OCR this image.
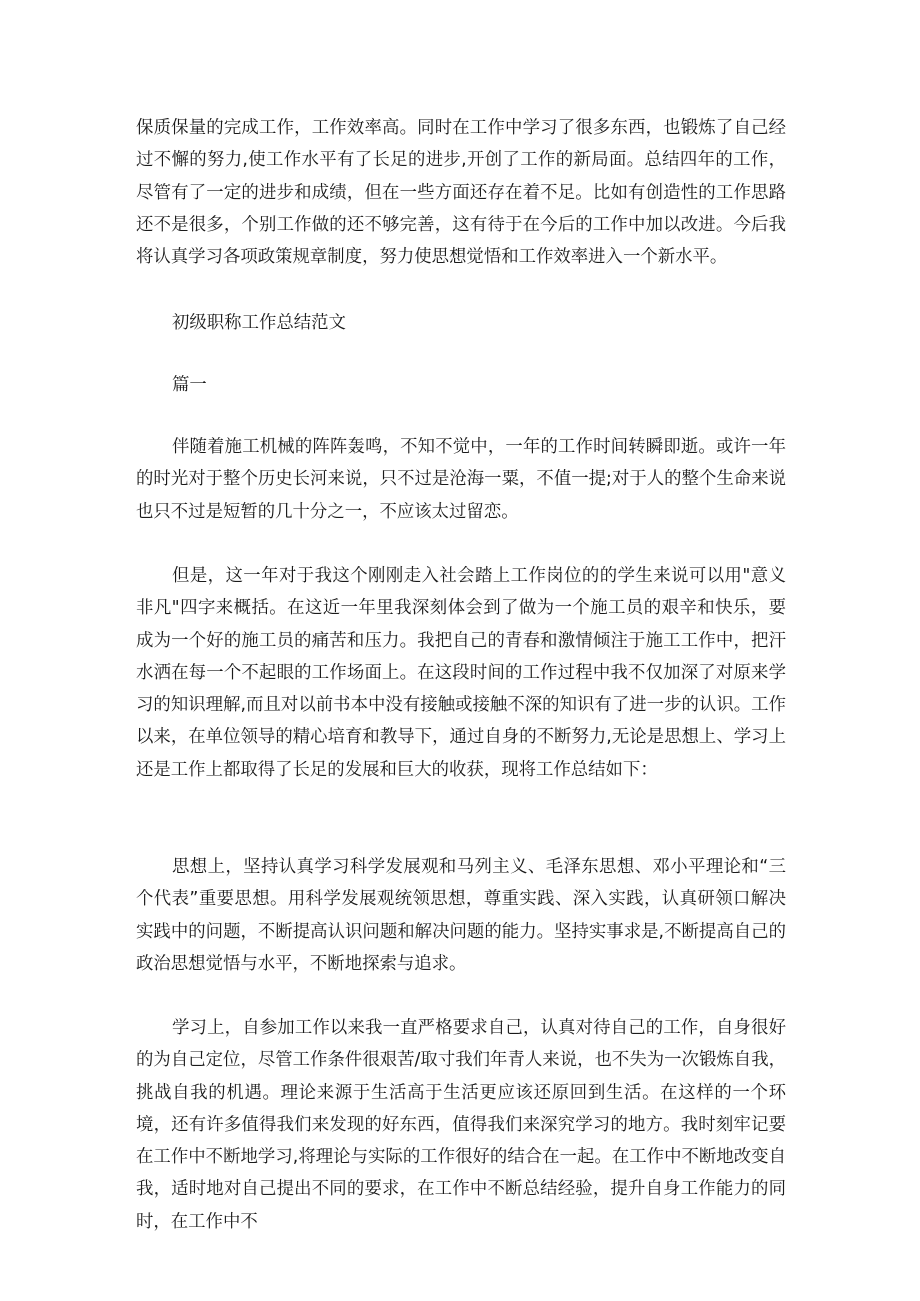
保质保量的完成工作，工作效率高。同时在工作中学习了很多东西，也锻炼了自己经过不懈的努力,使工作水平有了长足的进步,开创了工作的新局面。总结四年的工作，尽管有了一定的进步和成绩，但在一些方面还存在着不足。比如有创造性的工作思路还不是很多，个别工作做的还不够完善，这有待于在今后的工作中加以改进。今后我将认真学习各项政策规章制度，努力使思想觉悟和工作效率进入一个新水平。

初级职称工作总结范文

篇一

伴随着施工机械的阵阵轰鸣，不知不觉中，一年的工作时间转瞬即逝。或许一年的时光对于整个历史长河来说，只不过是沧海一粟，不值一提;对于人的整个生命来说也只不过是短暂的几十分之一，不应该太过留恋。

但是，这一年对于我这个刚刚走入社会踏上工作岗位的的学生来说可以用"意义非凡"四字来概括。在这近一年里我深刻体会到了做为一个施工员的艰辛和快乐，要成为一个好的施工员的痛苦和压力。我把自己的青春和激情倾注于施工工作中，把汗水洒在每一个不起眼的工作场面上。在这段时间的工作过程中我不仅加深了对原来学习的知识理解,而且对以前书本中没有接触或接触不深的知识有了进一步的认识。工作以来，在单位领导的精心培育和教导下，通过自身的不断努力,无论是思想上、学习上还是工作上都取得了长足的发展和巨大的收获，现将工作总结如下：

思想上，坚持认真学习科学发展观和马列主义、毛泽东思想、邓小平理论和“三个代表”重要思想。用科学发展观统领思想，尊重实践、深入实践，认真研领口解决实践中的问题，不断提高认识问题和解决问题的能力。坚持实事求是,不断提高自己的政治思想觉悟与水平，不断地探索与追求。

学习上，自参加工作以来我一直严格要求自己，认真对待自己的工作，自身很好的为自己定位，尽管工作条件很艰苦/取寸我们年青人来说，也不失为一次锻炼自我，挑战自我的机遇。理论来源于生活高于生活更应该还原回到生活。在这样的一个环境，还有许多值得我们来发现的好东西，值得我们来深究学习的地方。我时刻牢记要在工作中不断地学习,将理论与实际的工作很好的结合在一起。在工作中不断地改变自我，适时地对自己提出不同的要求，在工作中不断总结经验，提升自身工作能力的同时，在工作中不
